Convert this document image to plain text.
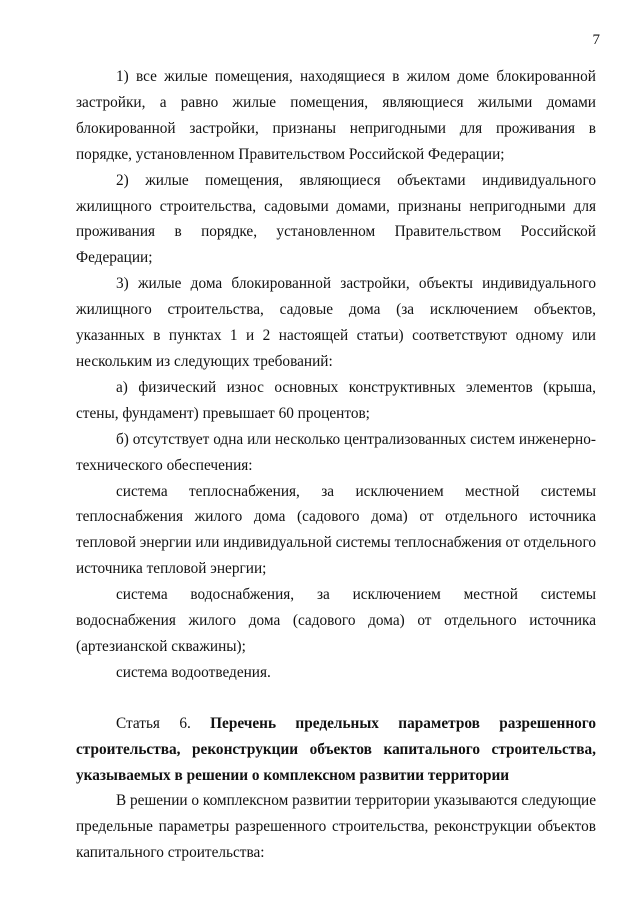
7

1) все жилые помещения, находящиеся в жилом доме блокированной застройки, а равно жилые помещения, являющиеся жилыми домами блокированной застройки, признаны непригодными для проживания в порядке, установленном Правительством Российской Федерации;

2) жилые помещения, являющиеся объектами индивидуального жилищного строительства, садовыми домами, признаны непригодными для проживания в порядке, установленном Правительством Российской Федерации;

3) жилые дома блокированной застройки, объекты индивидуального жилищного строительства, садовые дома (за исключением объектов, указанных в пунктах 1 и 2 настоящей статьи) соответствуют одному или нескольким из следующих требований:

а) физический износ основных конструктивных элементов (крыша, стены, фундамент) превышает 60 процентов;

б) отсутствует одна или несколько централизованных систем инженерно-технического обеспечения:

система теплоснабжения, за исключением местной системы теплоснабжения жилого дома (садового дома) от отдельного источника тепловой энергии или индивидуальной системы теплоснабжения от отдельного источника тепловой энергии;

система водоснабжения, за исключением местной системы водоснабжения жилого дома (садового дома) от отдельного источника (артезианской скважины);

система водоотведения.

Статья 6. Перечень предельных параметров разрешенного строительства, реконструкции объектов капитального строительства, указываемых в решении о комплексном развитии территории

В решении о комплексном развитии территории указываются следующие предельные параметры разрешенного строительства, реконструкции объектов капитального строительства:
